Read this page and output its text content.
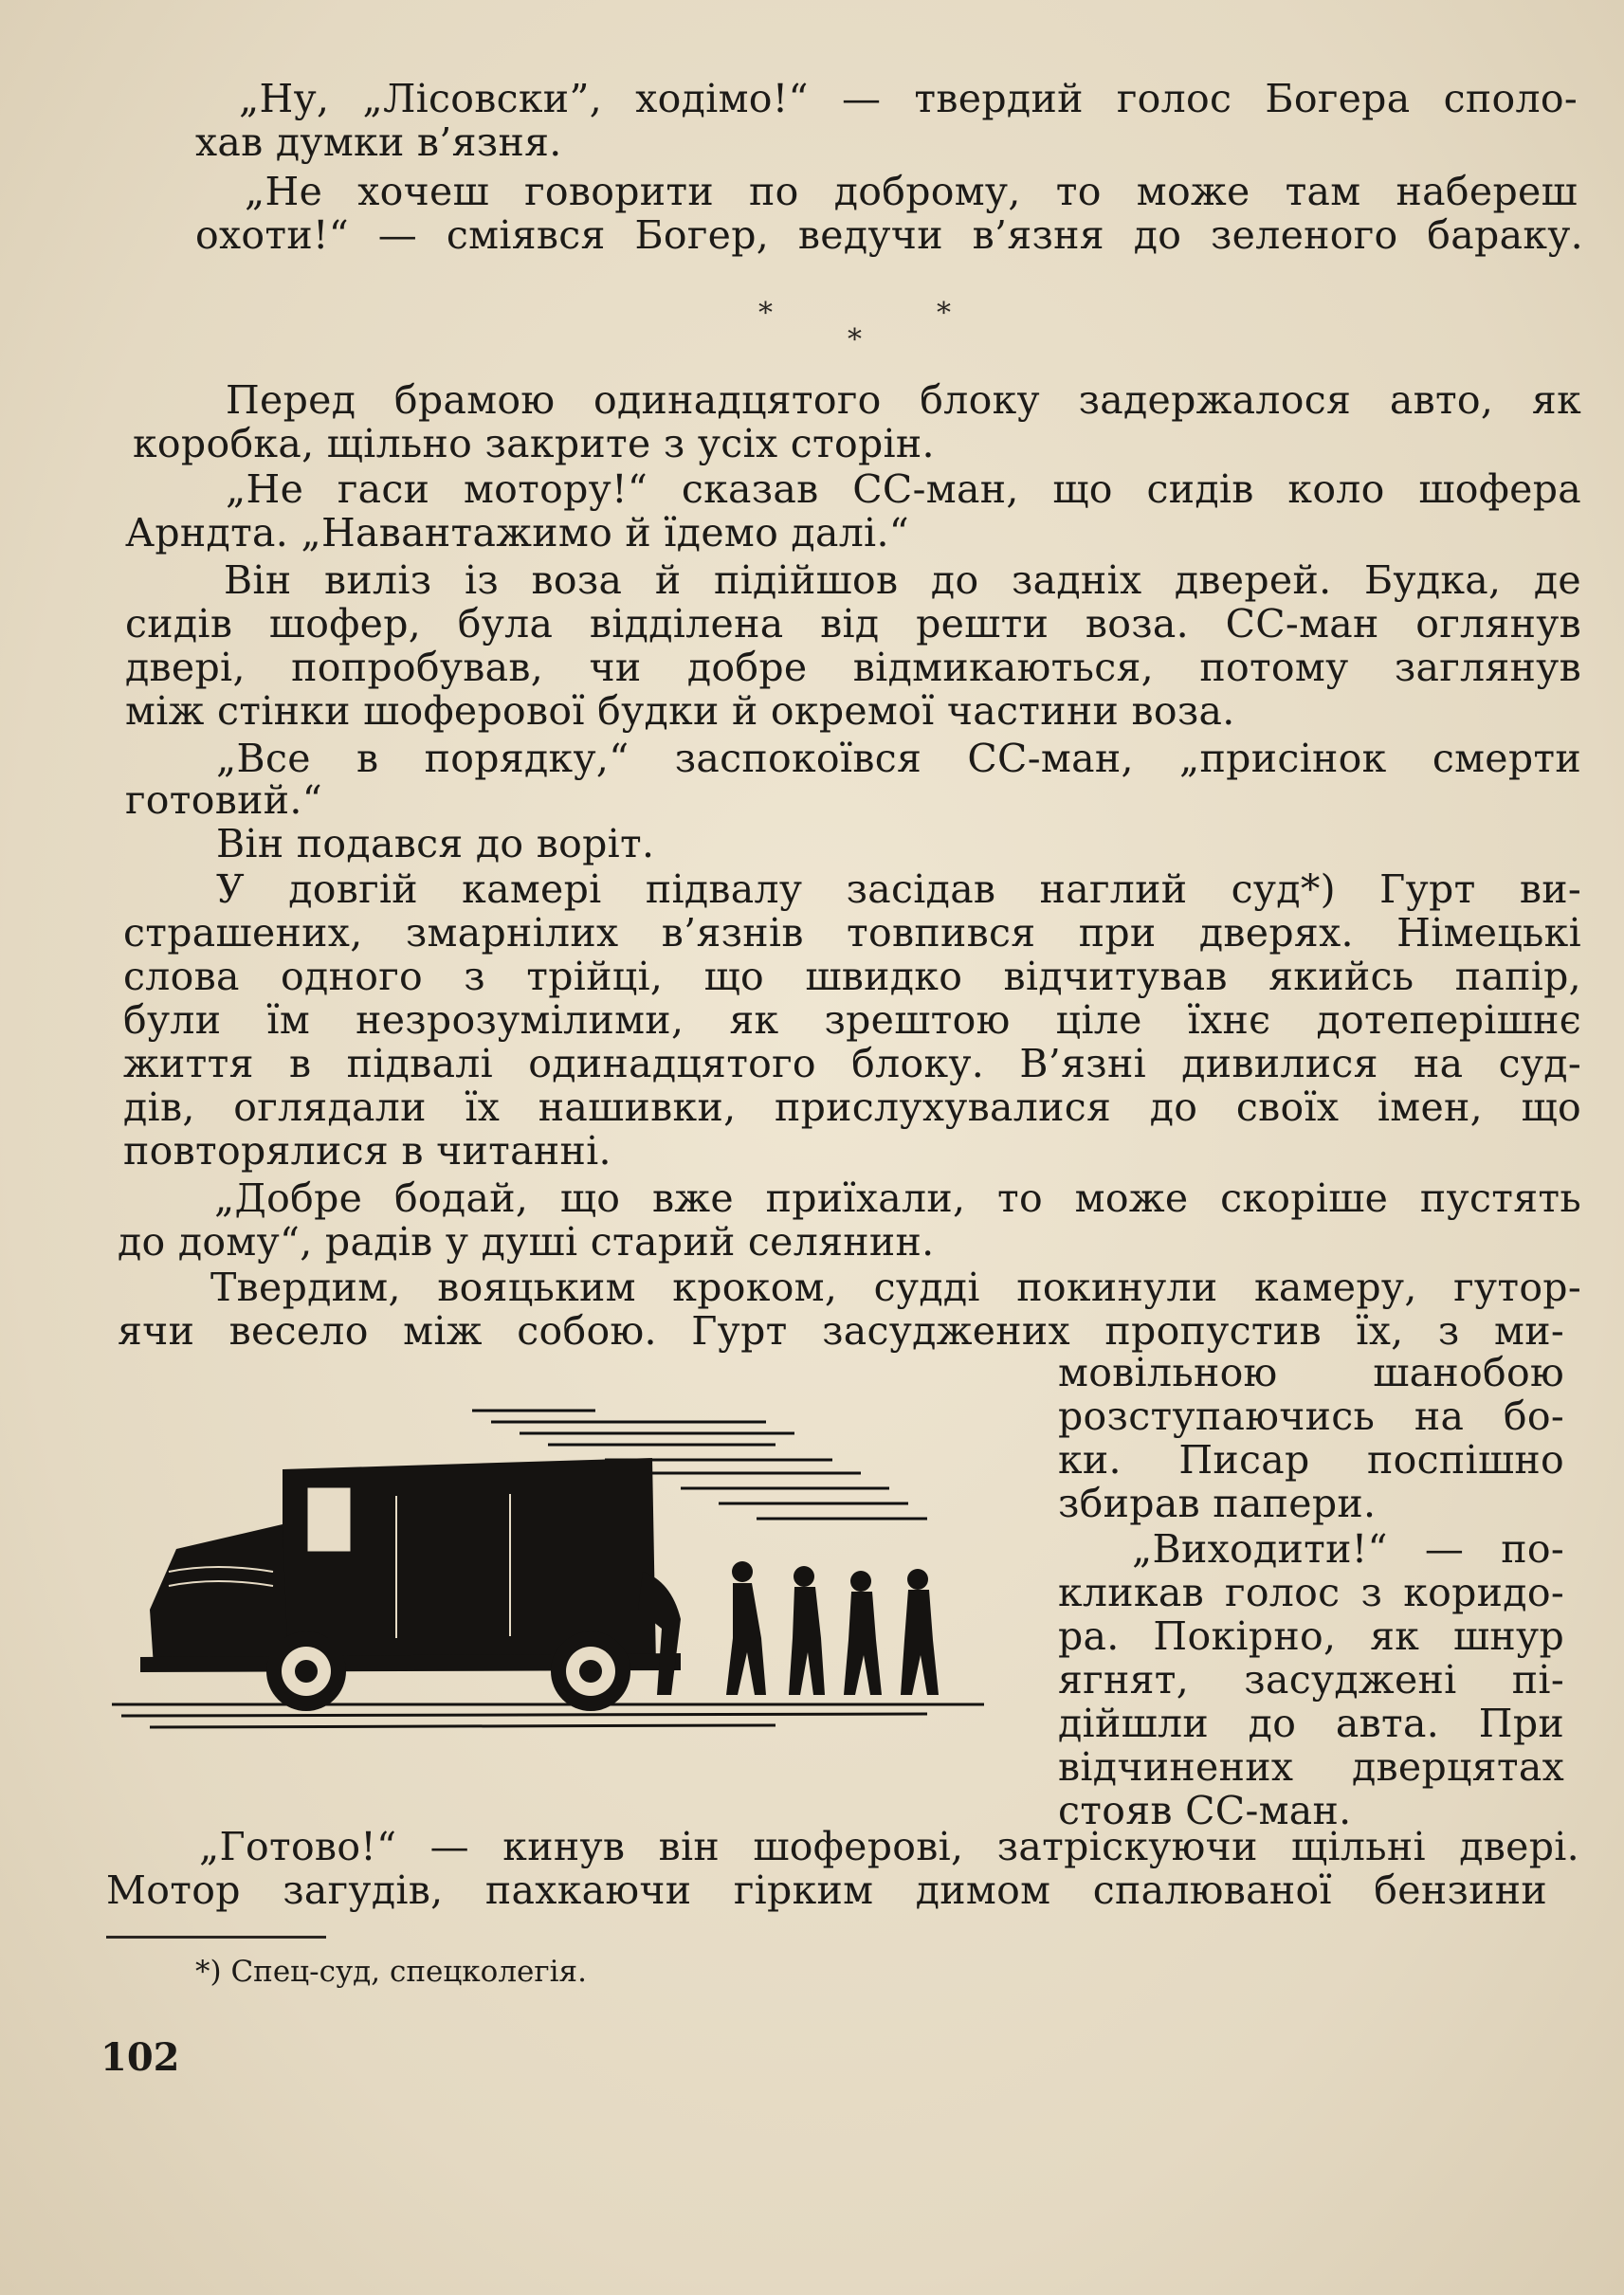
„Ну, „Лісовски”, ходімо!“ — твердий голос Богера споло-
хав думки в’язня.
„Не хочеш говорити по доброму, то може там набереш
охоти!“ — сміявся Богер, ведучи в’язня до зеленого бараку.
*	*
*
Перед брамою одинадцятого блоку задержалося авто, як
коробка, щільно закрите з усіх сторін.
„Не гаси мотору!“ сказав СС-ман, що сидів коло шофера
Арндта. „Навантажимо й їдемо далі.“
Він виліз із воза й підійшов до задніх дверей. Будка, де
сидів шофер, була відділена від решти воза. СС-ман оглянув
двері, попробував, чи добре відмикаються, потому заглянув
між стінки шоферової будки й окремої частини воза.
„Все в порядку,“ заспокоївся СС-ман, „присінок смерти
готовий.“
Він подався до воріт.
У довгій камері підвалу засідав наглий суд*) Гурт ви-
страшених, змарнілих в’язнів товпився при дверях. Німецькі
слова одного з трійці, що швидко відчитував якийсь папір,
були їм незрозумілими, як зрештою ціле їхнє дотеперішнє
життя в підвалі одинадцятого блоку. В’язні дивилися на суд-
дів, оглядали їх нашивки, прислухувалися до своїх імен, що
повторялися в читанні.
„Добре бодай, що вже приїхали, то може скоріше пустять
до дому“, радів у душі старий селянин.
Твердим, вояцьким кроком, судді покинули камеру, гутор-
ячи весело між собою. Гурт засуджених пропустив їх, з ми-
мовільною шанобою
розступаючись на бо-
ки. Писар поспішно
збирав папери.
„Виходити!“ — по-
кликав голос з коридо-
ра. Покірно, як шнур
ягнят, засуджені пі-
дійшли до авта. При
відчинених дверцятах
стояв СС-ман.
„Готово!“ — кинув він шоферові, затріскуючи щільні двері.
Мотор загудів, пахкаючи гірким димом спалюваної бензини
*) Спец-суд, спецколегія.
102
